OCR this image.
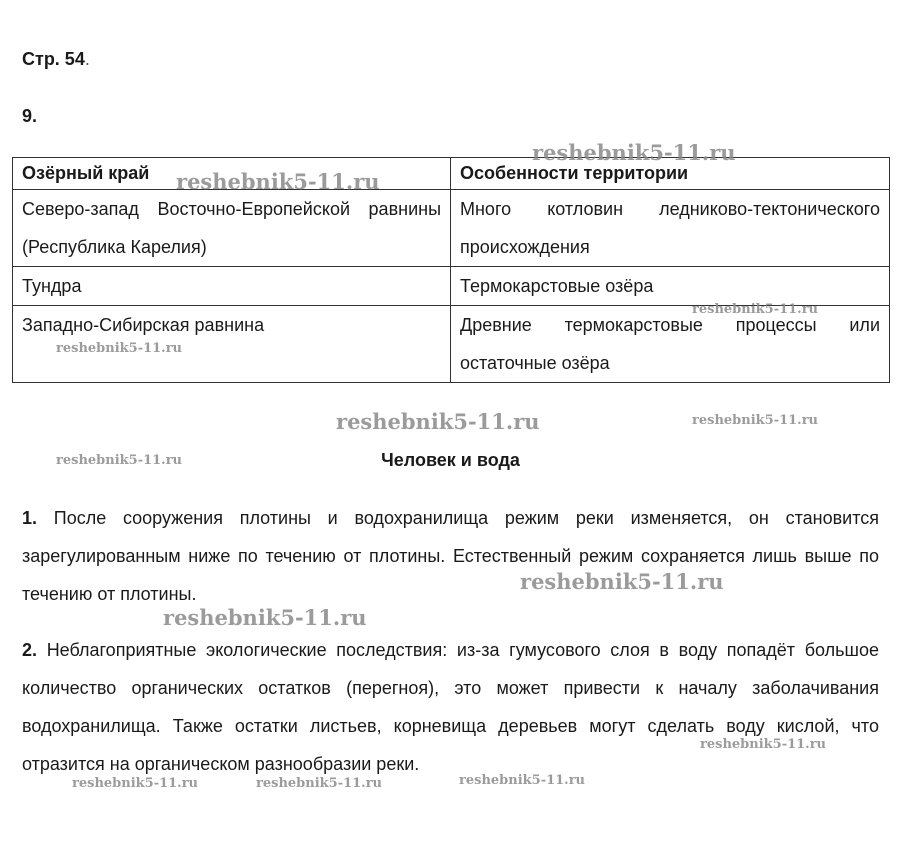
Стр. 54.
9.
Озёрный край	Особенности территории
Северо-запад Восточно-Европейской равнины (Республика Карелия)	Много котловин ледниково-тектонического происхождения
Тундра	Термокарстовые озёра
Западно-Сибирская равнина	Древние термокарстовые процессы или остаточные озёра
Человек и вода

1. После сооружения плотины и водохранилища режим реки изменяется, он становится зарегулированным ниже по течению от плотины. Естественный режим сохраняется лишь выше по течению от плотины.

2. Неблагоприятные экологические последствия: из-за гумусового слоя в воду попадёт большое количество органических остатков (перегноя), это может привести к началу заболачивания водохранилища. Также остатки листьев, корневища деревьев могут сделать воду кислой, что отразится на органическом разнообразии реки.

reshebnik5-11.ru
reshebnik5-11.ru
reshebnik5-11.ru
reshebnik5-11.ru
reshebnik5-11.ru	reshebnik5-11.ru
reshebnik5-11.ru
reshebnik5-11.ru
reshebnik5-11.ru
reshebnik5-11.ru
reshebnik5-11.ru	reshebnik5-11.ru	reshebnik5-11.ru
